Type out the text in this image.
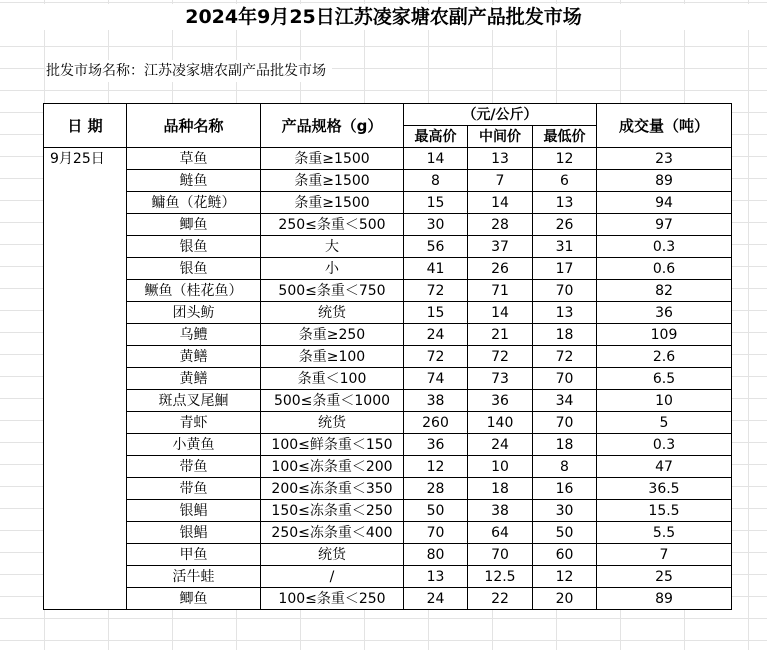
2024年9月25日江苏凌家塘农副产品批发市场
批发市场名称：江苏凌家塘农副产品批发市场
日 期	品种名称	产品规格（g）	（元/公斤）			成交量（吨）
			最高价	中间价	最低价	
9月25日	草鱼	条重≥1500	14	13	12	23
	鲢鱼	条重≥1500	8	7	6	89
	鳙鱼（花鲢）	条重≥1500	15	14	13	94
	鲫鱼	250≤条重＜500	30	28	26	97
	银鱼	大	56	37	31	0.3
	银鱼	小	41	26	17	0.6
	鳜鱼（桂花鱼）	500≤条重＜750	72	71	70	82
	团头鲂	统货	15	14	13	36
	乌鳢	条重≥250	24	21	18	109
	黄鳝	条重≥100	72	72	72	2.6
	黄鳝	条重＜100	74	73	70	6.5
	斑点叉尾鮰	500≤条重＜1000	38	36	34	10
	青虾	统货	260	140	70	5
	小黄鱼	100≤鲜条重＜150	36	24	18	0.3
	带鱼	100≤冻条重＜200	12	10	8	47
	带鱼	200≤冻条重＜350	28	18	16	36.5
	银鲳	150≤冻条重＜250	50	38	30	15.5
	银鲳	250≤冻条重＜400	70	64	50	5.5
	甲鱼	统货	80	70	60	7
	活牛蛙	/	13	12.5	12	25
	鲫鱼	100≤条重＜250	24	22	20	89
